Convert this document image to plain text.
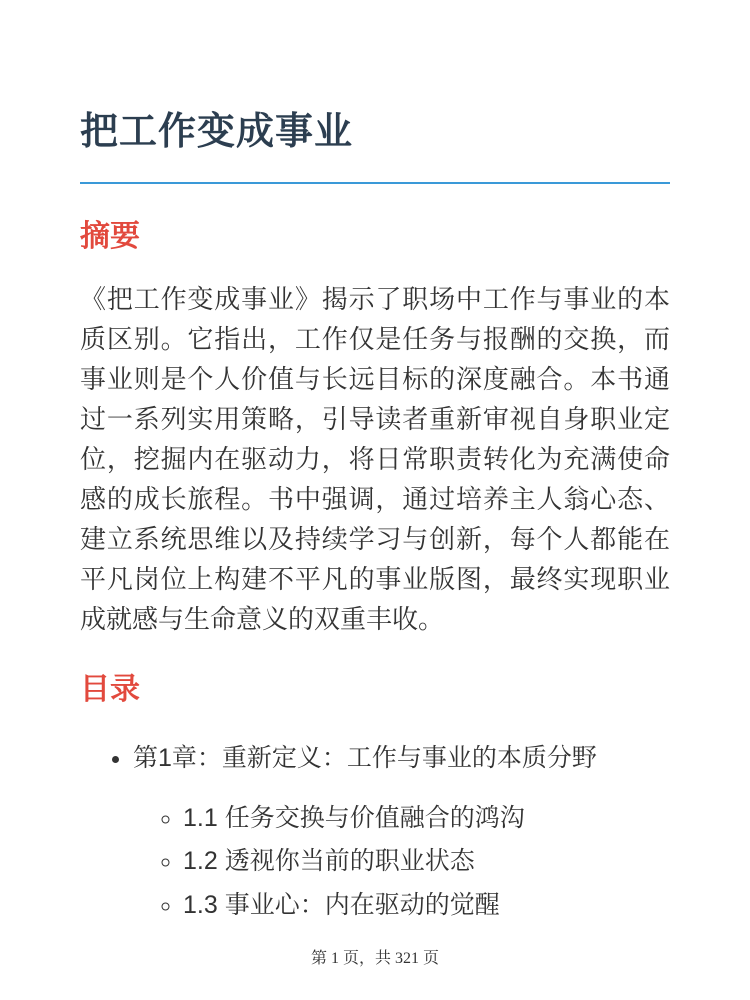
把工作变成事业
摘要

《把工作变成事业》揭示了职场中工作与事业的本质区别。它指出，工作仅是任务与报酬的交换，而事业则是个人价值与长远目标的深度融合。本书通过一系列实用策略，引导读者重新审视自身职业定位，挖掘内在驱动力，将日常职责转化为充满使命感的成长旅程。书中强调，通过培养主人翁心态、建立系统思维以及持续学习与创新，每个人都能在平凡岗位上构建不平凡的事业版图，最终实现职业成就感与生命意义的双重丰收。

目录
• 第1章：重新定义：工作与事业的本质分野
◦ 1.1 任务交换与价值融合的鸿沟
◦ 1.2 透视你当前的职业状态
◦ 1.3 事业心：内在驱动的觉醒
第 1 页，共 321 页
